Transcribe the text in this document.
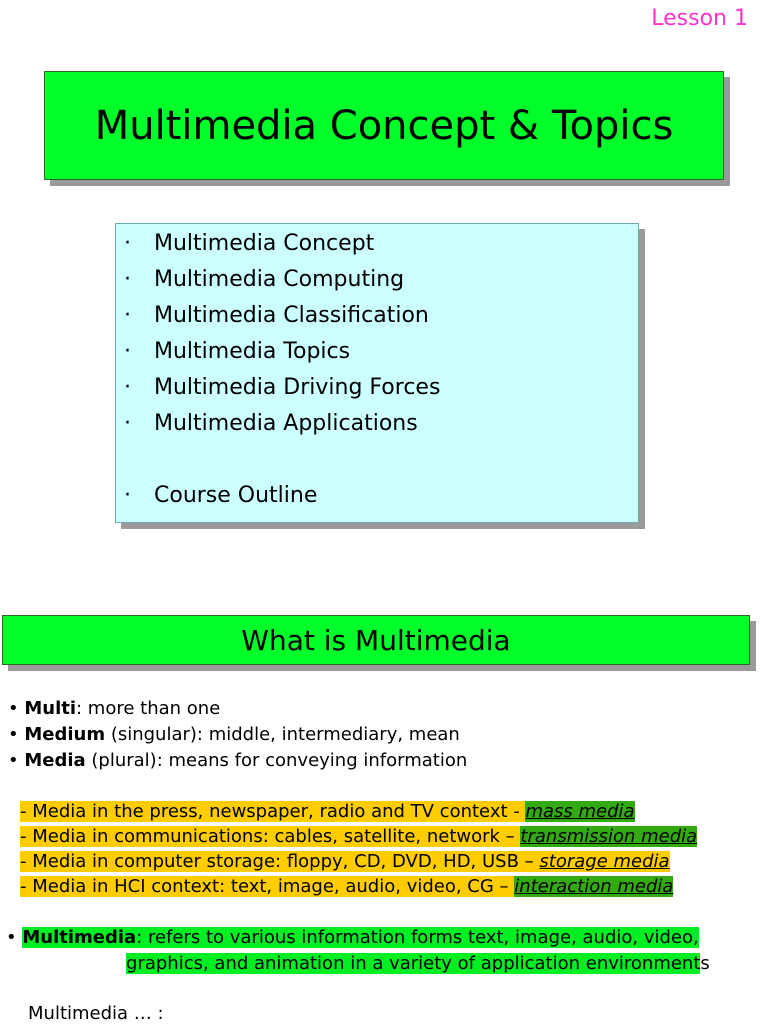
Lesson 1
Multimedia Concept & Topics
·	Multimedia Concept
·	Multimedia Computing
·	Multimedia Classification
·	Multimedia Topics
·	Multimedia Driving Forces
·	Multimedia Applications
·	Course Outline
What is Multimedia
• Multi: more than one
• Medium (singular): middle, intermediary, mean
• Media (plural): means for conveying information
- Media in the press, newspaper, radio and TV context - mass media
- Media in communications: cables, satellite, network – transmission media
- Media in computer storage: floppy, CD, DVD, HD, USB – storage media
- Media in HCI context: text, image, audio, video, CG – interaction media
• Multimedia: refers to various information forms text, image, audio, video,
graphics, and animation in a variety of application environments
Multimedia … :
